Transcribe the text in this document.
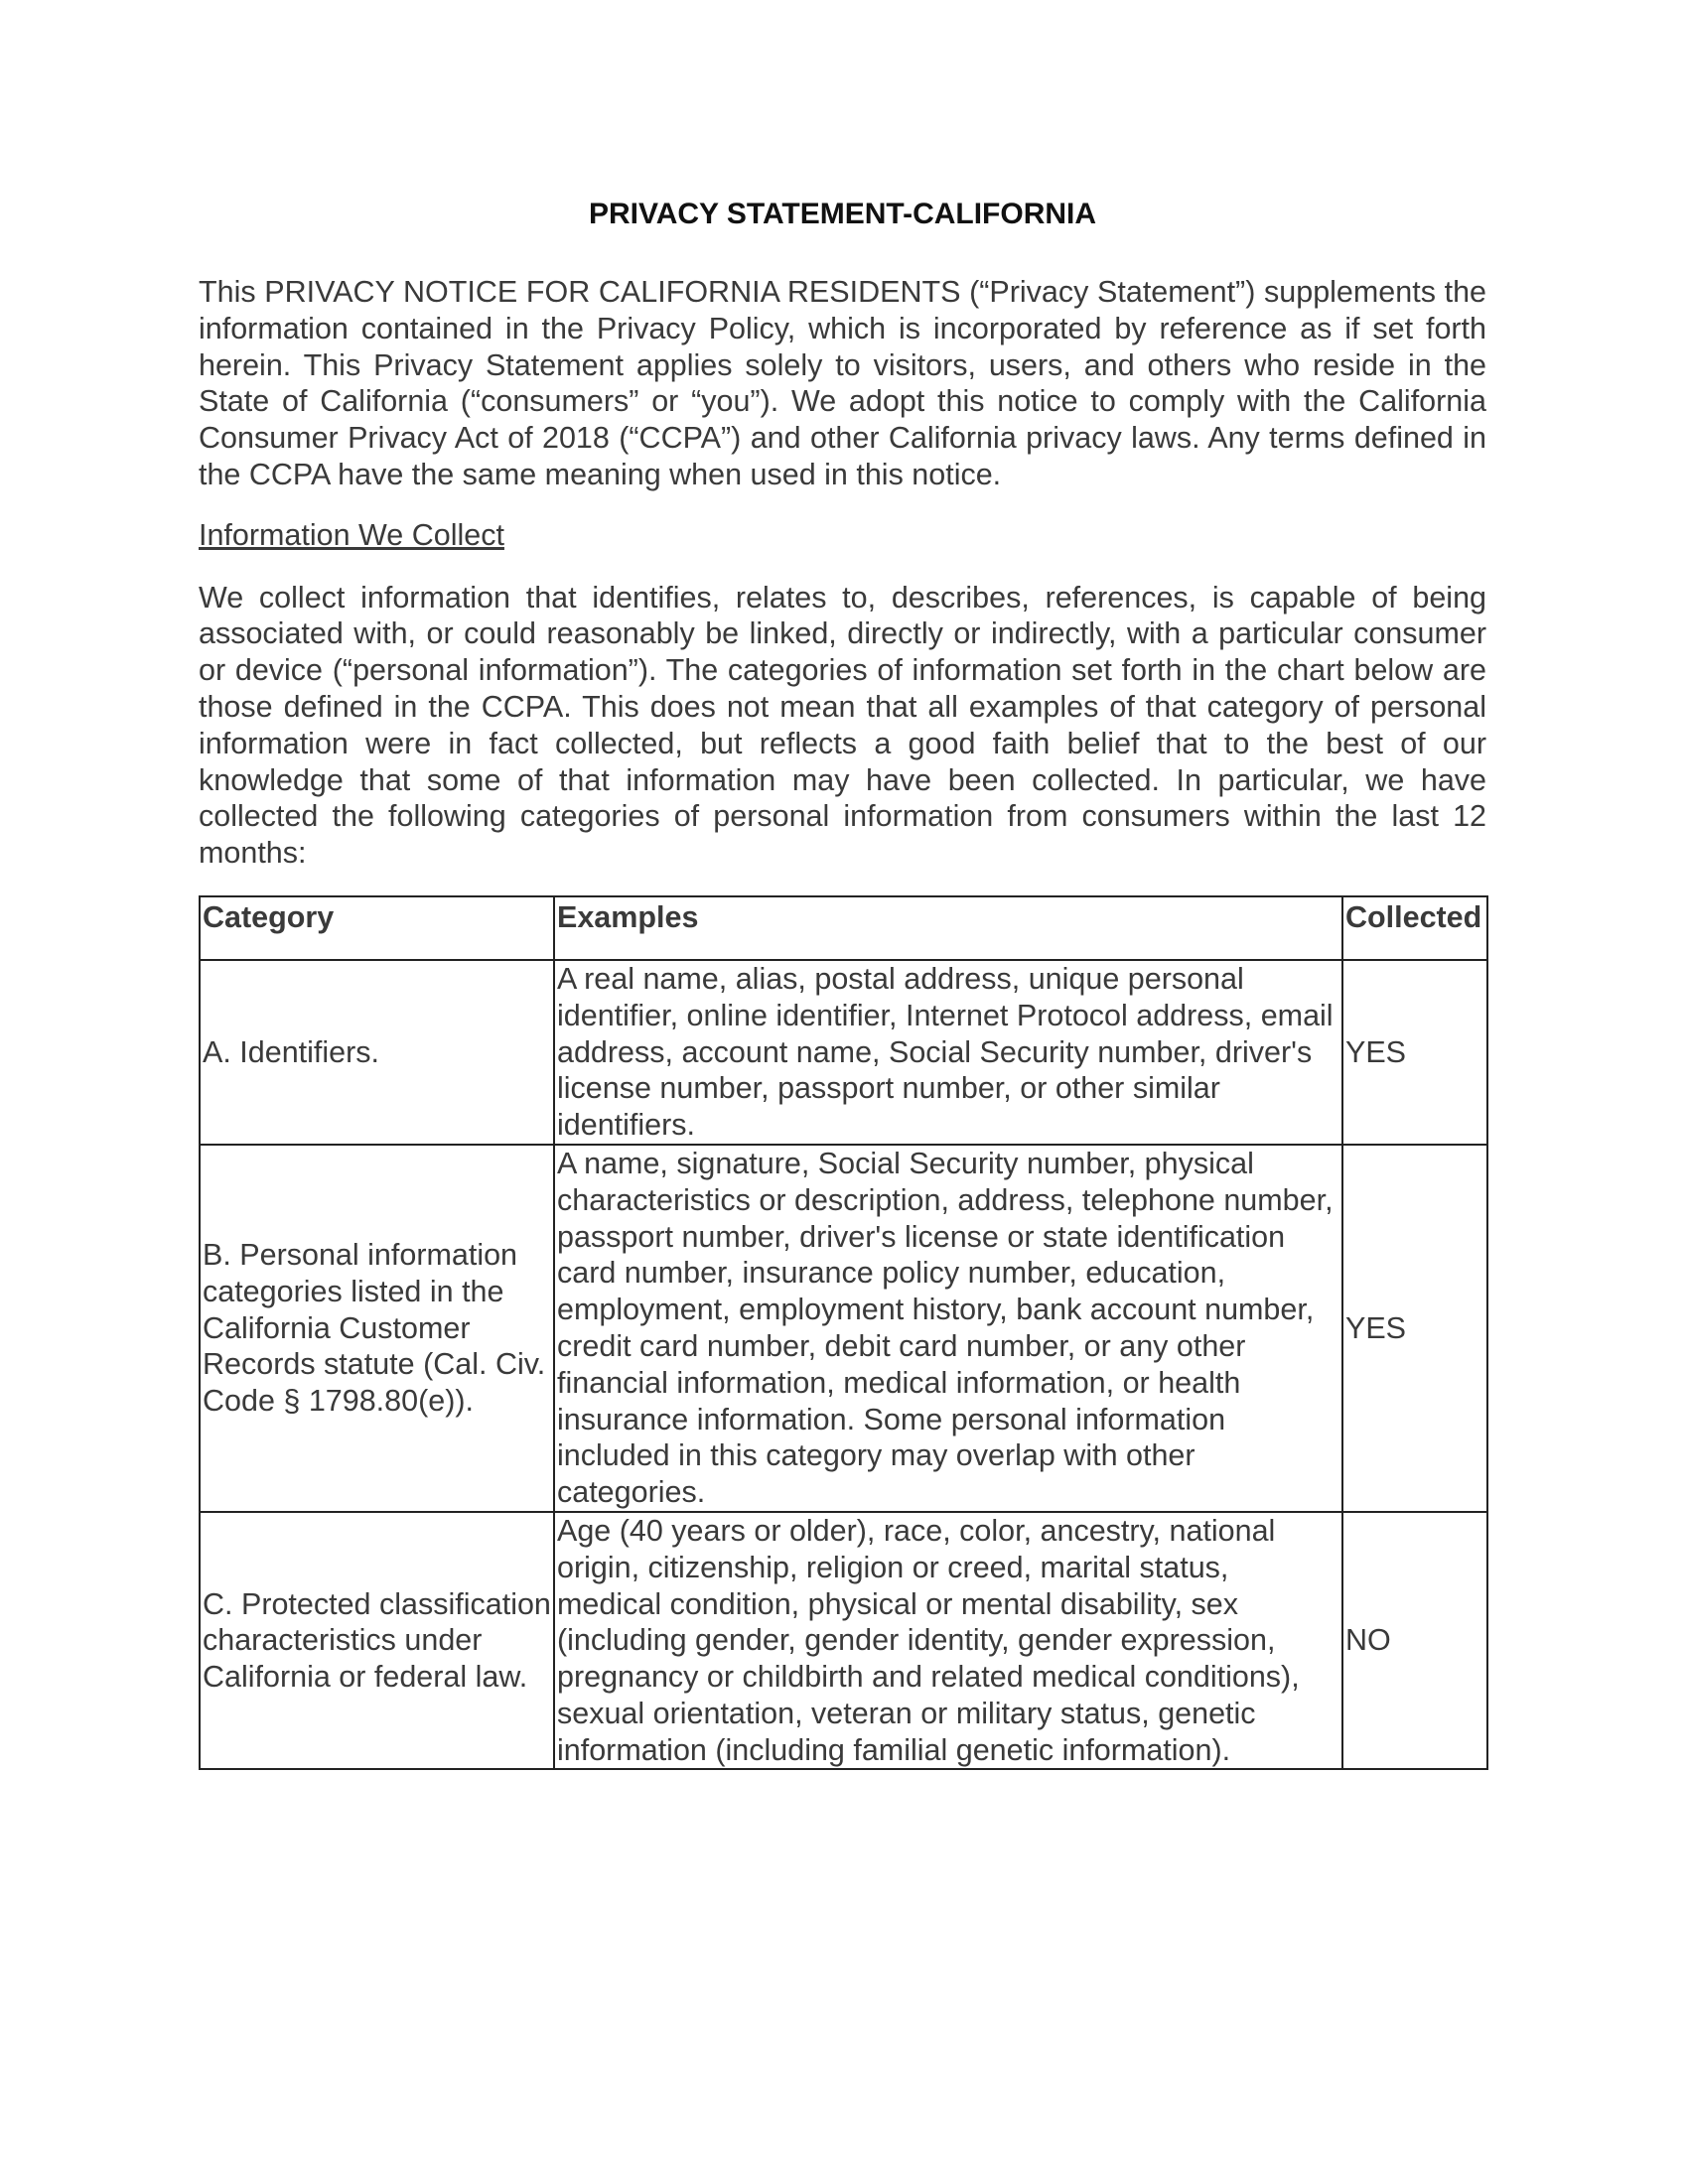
PRIVACY STATEMENT-CALIFORNIA

This PRIVACY NOTICE FOR CALIFORNIA RESIDENTS (“Privacy Statement”) supplements the information contained in the Privacy Policy, which is incorporated by reference as if set forth herein. This Privacy Statement applies solely to visitors, users, and others who reside in the State of California (“consumers” or “you”). We adopt this notice to comply with the California Consumer Privacy Act of 2018 (“CCPA”) and other California privacy laws. Any terms defined in the CCPA have the same meaning when used in this notice.

Information We Collect

We collect information that identifies, relates to, describes, references, is capable of being associated with, or could reasonably be linked, directly or indirectly, with a particular consumer or device (“personal information”). The categories of information set forth in the chart below are those defined in the CCPA. This does not mean that all examples of that category of personal information were in fact collected, but reflects a good faith belief that to the best of our knowledge that some of that information may have been collected. In particular, we have collected the following categories of personal information from consumers within the last 12 months:

Category	Examples	Collected
A. Identifiers.	A real name, alias, postal address, unique personal identifier, online identifier, Internet Protocol address, email address, account name, Social Security number, driver's license number, passport number, or other similar identifiers.	YES
B. Personal information categories listed in the California Customer Records statute (Cal. Civ. Code § 1798.80(e)).	A name, signature, Social Security number, physical characteristics or description, address, telephone number, passport number, driver's license or state identification card number, insurance policy number, education, employment, employment history, bank account number, credit card number, debit card number, or any other financial information, medical information, or health insurance information. Some personal information included in this category may overlap with other categories.	YES
C. Protected classification characteristics under California or federal law.	Age (40 years or older), race, color, ancestry, national origin, citizenship, religion or creed, marital status, medical condition, physical or mental disability, sex (including gender, gender identity, gender expression, pregnancy or childbirth and related medical conditions), sexual orientation, veteran or military status, genetic information (including familial genetic information).	NO
